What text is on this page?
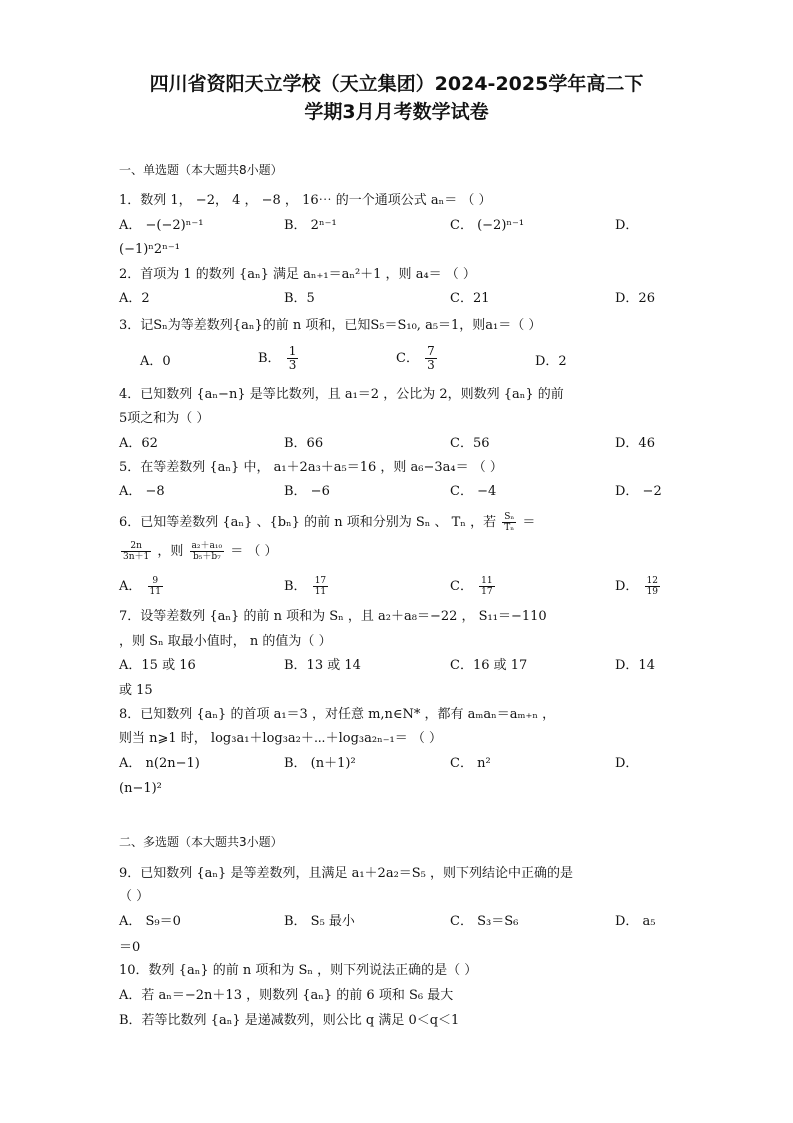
四川省资阳天立学校（天立集团）2024-2025学年高二下
学期3月月考数学试卷
一、单选题（本大题共8小题）
1．数列 1， −2， 4 ， −8 ， 16⋯ 的一个通项公式 aₙ＝ （ ）
A． −(−2)ⁿ⁻¹	B． 2ⁿ⁻¹	C． (−2)ⁿ⁻¹	D．
(−1)ⁿ2ⁿ⁻¹
2．首项为 1 的数列 {aₙ} 满足 aₙ₊₁＝aₙ²＋1 ，则 a₄＝ （ ）
A．2	B．5	C．21	D．26
3．记Sₙ为等差数列{aₙ}的前 n 项和，已知S₅＝S₁₀, a₅＝1，则a₁＝（ ）
A．0	B． $\frac{1}{3}$	C． $\frac{7}{3}$	D．2
4．已知数列 {aₙ−n} 是等比数列，且 a₁＝2 ，公比为 2，则数列 {aₙ} 的前
5项之和为（ ）
A．62	B．66	C．56	D．46
5．在等差数列 {aₙ} 中， a₁＋2a₃＋a₅＝16 ，则 a₆−3a₄＝ （ ）
A． −8	B． −6	C． −4	D． −2
6．已知等差数列 {aₙ} 、{bₙ} 的前 n 项和分别为 Sₙ 、 Tₙ ，若 $\frac{\text{Sₙ}}{\text{Tₙ}}$ ＝
$\frac{2n}{3n+1}$ ，则 $\frac{\text{a₂＋a₁₀}}{\text{b₅＋b₇}}$ ＝ （ ）
A． $\frac{9}{11}$	B． $\frac{17}{11}$	C． $\frac{11}{17}$	D． $\frac{12}{19}$
7．设等差数列 {aₙ} 的前 n 项和为 Sₙ ，且 a₂＋a₈＝−22 ， S₁₁＝−110
，则 Sₙ 取最小值时， n 的值为（ ）
A．15 或 16	B．13 或 14	C．16 或 17	D．14
或 15
8．已知数列 {aₙ} 的首项 a₁＝3 ，对任意 m,n∈N* ，都有 aₘaₙ＝aₘ₊ₙ ，
则当 n⩾1 时， log₃a₁＋log₃a₂＋⋯＋log₃a₂ₙ₋₁＝ （ ）
A． n(2n−1)	B． (n＋1)²	C． n²	D．
(n−1)²
二、多选题（本大题共3小题）
9．已知数列 {aₙ} 是等差数列，且满足 a₁＋2a₂＝S₅ ，则下列结论中正确的是
（ ）
A． S₉＝0	B． S₅ 最小	C． S₃＝S₆	D． a₅
＝0
10．数列 {aₙ} 的前 n 项和为 Sₙ ，则下列说法正确的是（ ）
A．若 aₙ＝−2n＋13 ，则数列 {aₙ} 的前 6 项和 S₆ 最大
B．若等比数列 {aₙ} 是递减数列，则公比 q 满足 0＜q＜1
